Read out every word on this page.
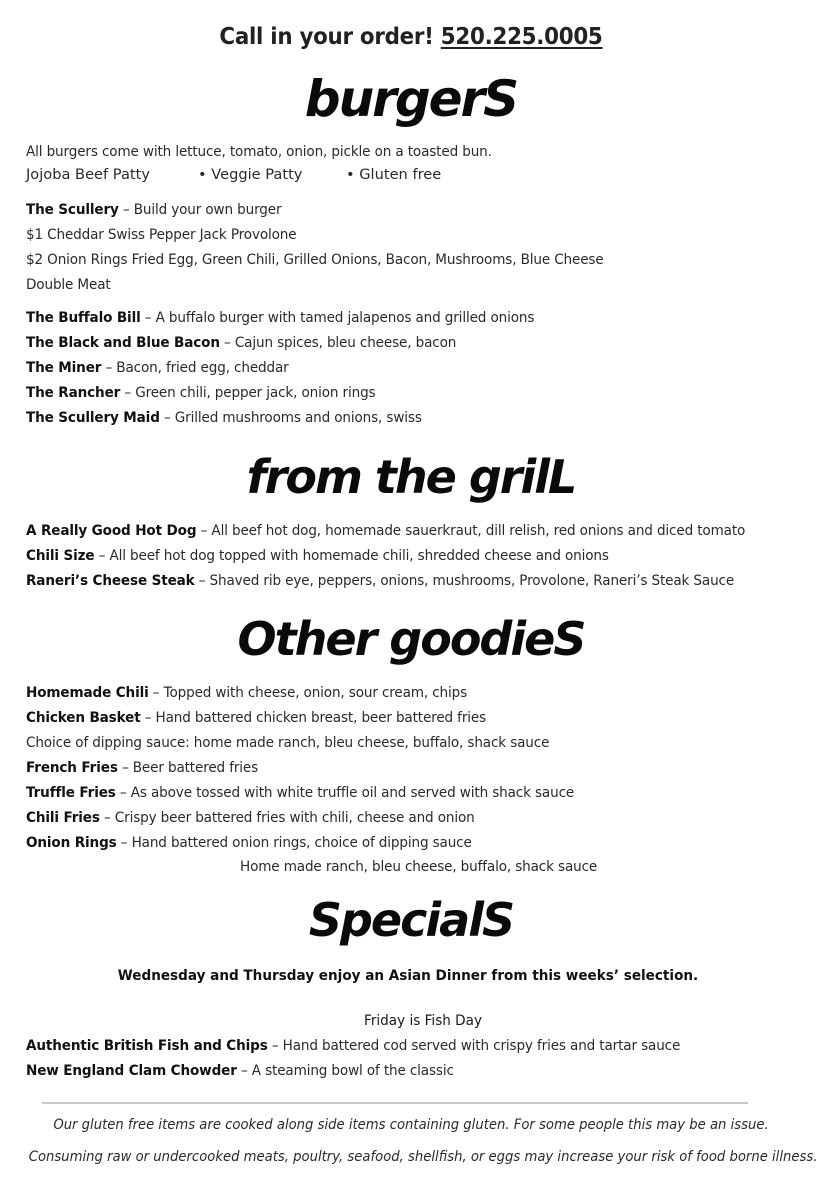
Call in your order! 520.225.0005
burgerS
All burgers come with lettuce, tomato, onion, pickle on a toasted bun.
Jojoba Beef Patty	• Veggie Patty	• Gluten free
The Scullery – Build your own burger
$1 Cheddar Swiss Pepper Jack Provolone
$2 Onion Rings Fried Egg, Green Chili, Grilled Onions, Bacon, Mushrooms, Blue Cheese
Double Meat
The Buffalo Bill – A buffalo burger with tamed jalapenos and grilled onions
The Black and Blue Bacon – Cajun spices, bleu cheese, bacon
The Miner – Bacon, fried egg, cheddar
The Rancher – Green chili, pepper jack, onion rings
The Scullery Maid – Grilled mushrooms and onions, swiss
from the grilL
A Really Good Hot Dog – All beef hot dog, homemade sauerkraut, dill relish, red onions and diced tomato
Chili Size – All beef hot dog topped with homemade chili, shredded cheese and onions
Raneri’s Cheese Steak – Shaved rib eye, peppers, onions, mushrooms, Provolone, Raneri’s Steak Sauce
Other goodieS
Homemade Chili – Topped with cheese, onion, sour cream, chips
Chicken Basket – Hand battered chicken breast, beer battered fries
Choice of dipping sauce: home made ranch, bleu cheese, buffalo, shack sauce
French Fries – Beer battered fries
Truffle Fries – As above tossed with white truffle oil and served with shack sauce
Chili Fries – Crispy beer battered fries with chili, cheese and onion
Onion Rings – Hand battered onion rings, choice of dipping sauce
Home made ranch, bleu cheese, buffalo, shack sauce
SpecialS
Wednesday and Thursday enjoy an Asian Dinner from this weeks’ selection.
Friday is Fish Day
Authentic British Fish and Chips – Hand battered cod served with crispy fries and tartar sauce
New England Clam Chowder – A steaming bowl of the classic
Our gluten free items are cooked along side items containing gluten. For some people this may be an issue.
Consuming raw or undercooked meats, poultry, seafood, shellfish, or eggs may increase your risk of food borne illness.
